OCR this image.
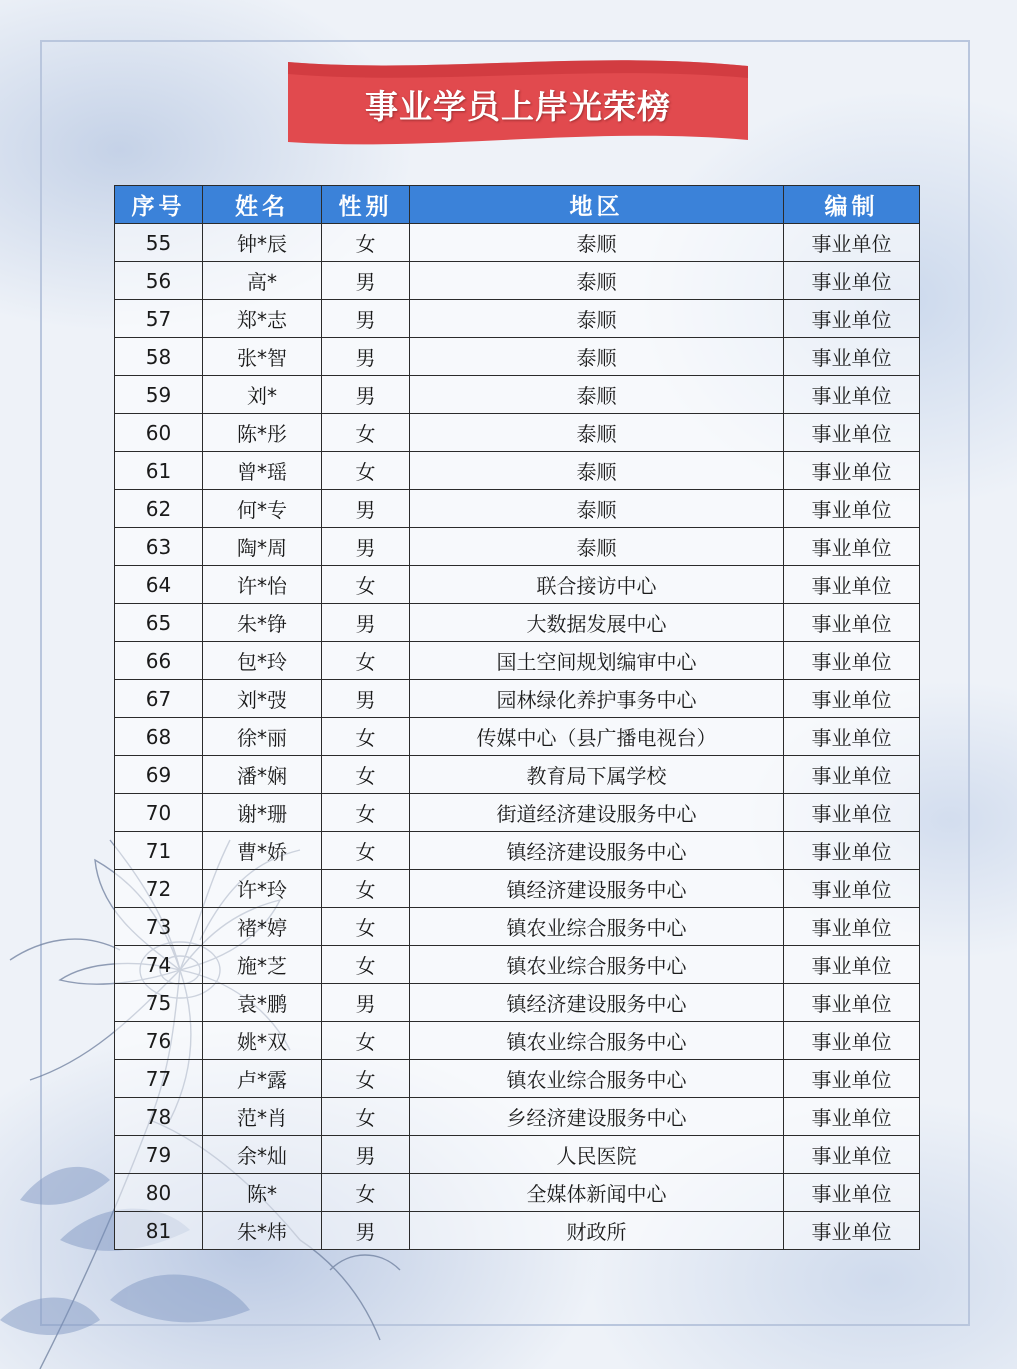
事业学员上岸光荣榜
序号	姓名	性别	地区	编制
55	钟*辰	女	泰顺	事业单位
56	高*	男	泰顺	事业单位
57	郑*志	男	泰顺	事业单位
58	张*智	男	泰顺	事业单位
59	刘*	男	泰顺	事业单位
60	陈*彤	女	泰顺	事业单位
61	曾*瑶	女	泰顺	事业单位
62	何*专	男	泰顺	事业单位
63	陶*周	男	泰顺	事业单位
64	许*怡	女	联合接访中心	事业单位
65	朱*铮	男	大数据发展中心	事业单位
66	包*玲	女	国土空间规划编审中心	事业单位
67	刘*弢	男	园林绿化养护事务中心	事业单位
68	徐*丽	女	传媒中心（县广播电视台）	事业单位
69	潘*娴	女	教育局下属学校	事业单位
70	谢*珊	女	街道经济建设服务中心	事业单位
71	曹*娇	女	镇经济建设服务中心	事业单位
72	许*玲	女	镇经济建设服务中心	事业单位
73	褚*婷	女	镇农业综合服务中心	事业单位
74	施*芝	女	镇农业综合服务中心	事业单位
75	袁*鹏	男	镇经济建设服务中心	事业单位
76	姚*双	女	镇农业综合服务中心	事业单位
77	卢*露	女	镇农业综合服务中心	事业单位
78	范*肖	女	乡经济建设服务中心	事业单位
79	余*灿	男	人民医院	事业单位
80	陈*	女	全媒体新闻中心	事业单位
81	朱*炜	男	财政所	事业单位
